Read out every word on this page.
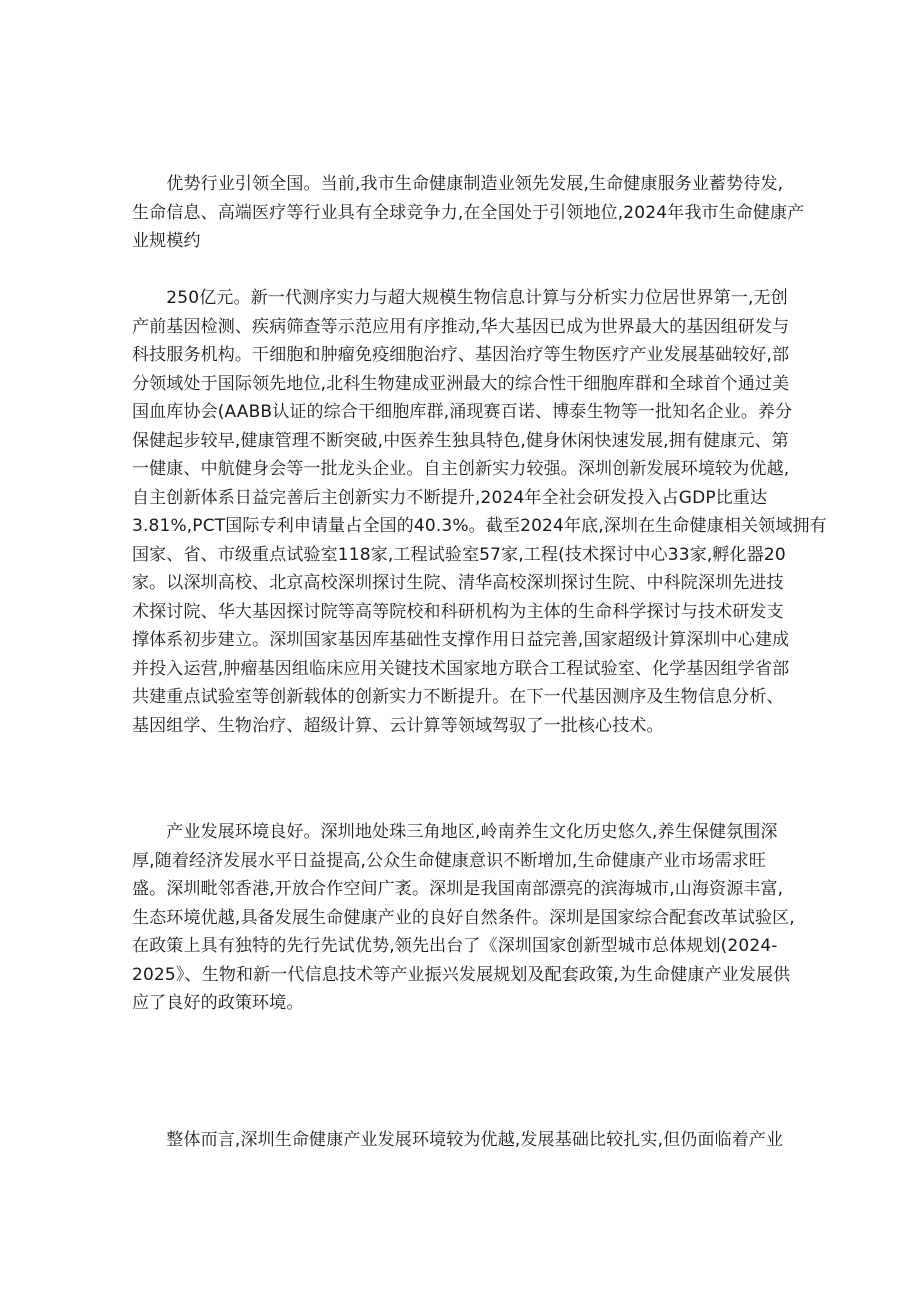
　　优势行业引领全国。当前,我市生命健康制造业领先发展,生命健康服务业蓄势待发,
生命信息、高端医疗等行业具有全球竞争力,在全国处于引领地位,2024年我市生命健康产
业规模约
　　250亿元。新一代测序实力与超大规模生物信息计算与分析实力位居世界第一,无创
产前基因检测、疾病筛查等示范应用有序推动,华大基因已成为世界最大的基因组研发与
科技服务机构。干细胞和肿瘤免疫细胞治疗、基因治疗等生物医疗产业发展基础较好,部
分领域处于国际领先地位,北科生物建成亚洲最大的综合性干细胞库群和全球首个通过美
国血库协会(AABB认证的综合干细胞库群,涌现赛百诺、博泰生物等一批知名企业。养分
保健起步较早,健康管理不断突破,中医养生独具特色,健身休闲快速发展,拥有健康元、第
一健康、中航健身会等一批龙头企业。自主创新实力较强。深圳创新发展环境较为优越,
自主创新体系日益完善后主创新实力不断提升,2024年全社会研发投入占GDP比重达
3.81%,PCT国际专利申请量占全国的40.3%。截至2024年底,深圳在生命健康相关领域拥有
国家、省、市级重点试验室118家,工程试验室57家,工程(技术探讨中心33家,孵化器20
家。以深圳高校、北京高校深圳探讨生院、清华高校深圳探讨生院、中科院深圳先进技
术探讨院、华大基因探讨院等高等院校和科研机构为主体的生命科学探讨与技术研发支
撑体系初步建立。深圳国家基因库基础性支撑作用日益完善,国家超级计算深圳中心建成
并投入运营,肿瘤基因组临床应用关键技术国家地方联合工程试验室、化学基因组学省部
共建重点试验室等创新载体的创新实力不断提升。在下一代基因测序及生物信息分析、
基因组学、生物治疗、超级计算、云计算等领域驾驭了一批核心技术。
　　产业发展环境良好。深圳地处珠三角地区,岭南养生文化历史悠久,养生保健氛围深
厚,随着经济发展水平日益提高,公众生命健康意识不断增加,生命健康产业市场需求旺
盛。深圳毗邻香港,开放合作空间广袤。深圳是我国南部漂亮的滨海城市,山海资源丰富,
生态环境优越,具备发展生命健康产业的良好自然条件。深圳是国家综合配套改革试验区,
在政策上具有独特的先行先试优势,领先出台了《深圳国家创新型城市总体规划(2024-
2025》、生物和新一代信息技术等产业振兴发展规划及配套政策,为生命健康产业发展供
应了良好的政策环境。
　　整体而言,深圳生命健康产业发展环境较为优越,发展基础比较扎实,但仍面临着产业
